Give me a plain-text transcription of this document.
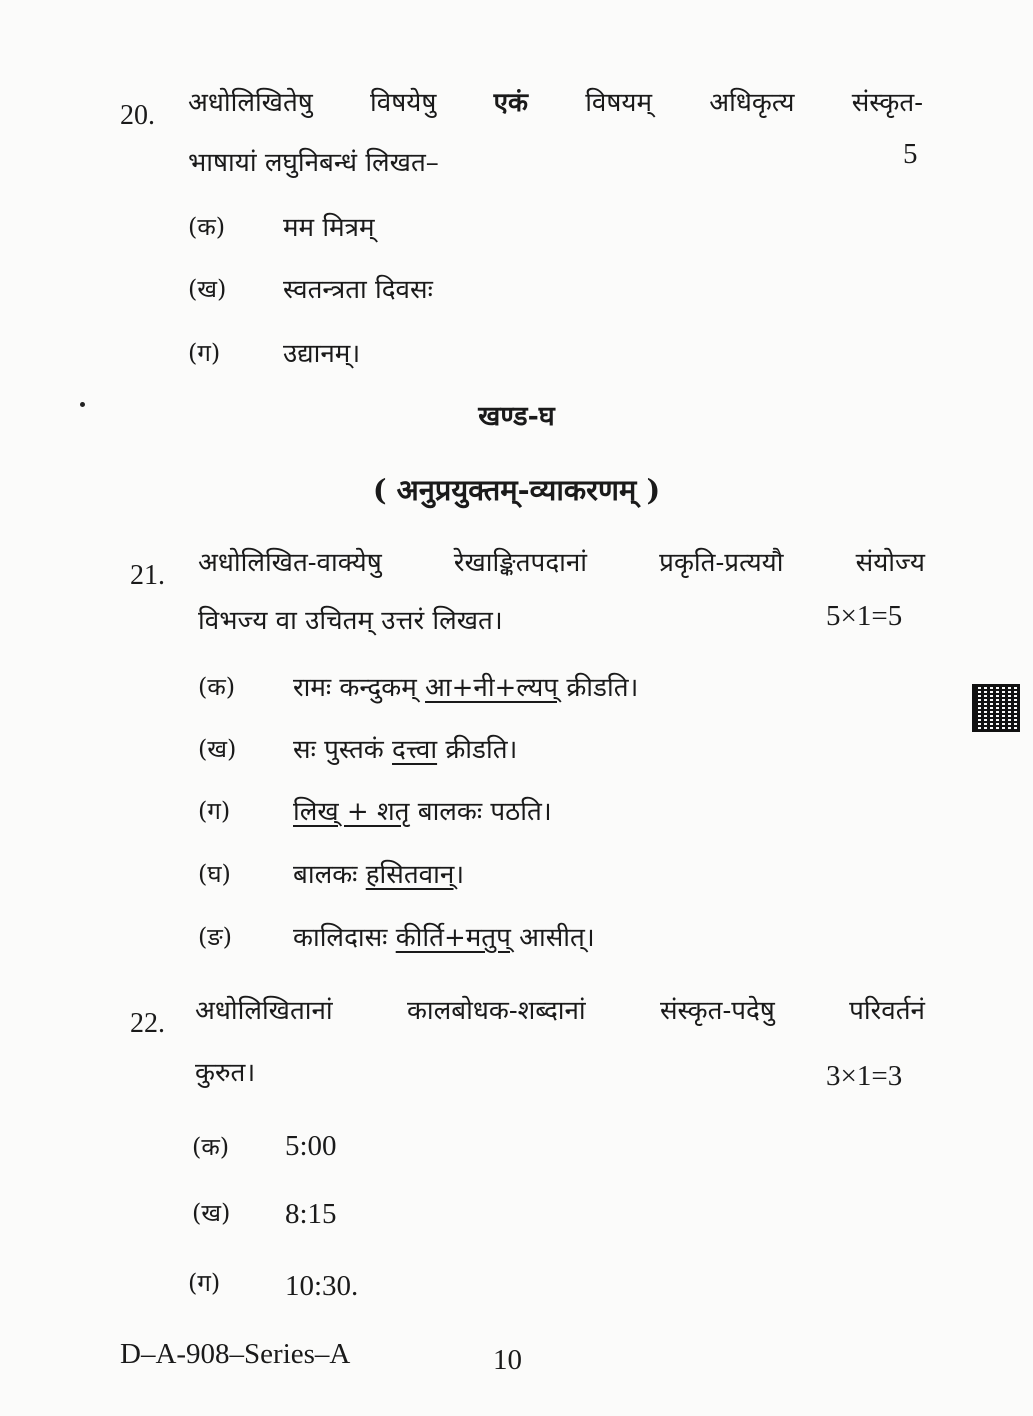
20. अधोलिखितेषु विषयेषु एकं विषयम् अधिकृत्य संस्कृत-
भाषायां लघुनिबन्धं लिखत–	5
(क) मम मित्रम्
(ख) स्वतन्त्रता दिवसः
(ग) उद्यानम्।
खण्ड-घ
( अनुप्रयुक्तम्-व्याकरणम् )
21. अधोलिखित-वाक्येषु	रेखाङ्कितपदानां	प्रकृति-प्रत्ययौ	संयोज्य
विभज्य वा उचितम् उत्तरं लिखत।	5×1=5
(क) रामः कन्दुकम् आ+नी+ल्यप् क्रीडति।
(ख) सः पुस्तकं दत्त्वा क्रीडति।
(ग) लिख् + शतृ बालकः पठति।
(घ) बालकः हसितवान्।
(ङ) कालिदासः कीर्ति+मतुप् आसीत्।
22. अधोलिखितानां	कालबोधक-शब्दानां	संस्कृत-पदेषु	परिवर्तनं
कुरुत।	3×1=3
(क) 5:00
(ख) 8:15
(ग) 10:30.
D–A-908–Series–A	10
